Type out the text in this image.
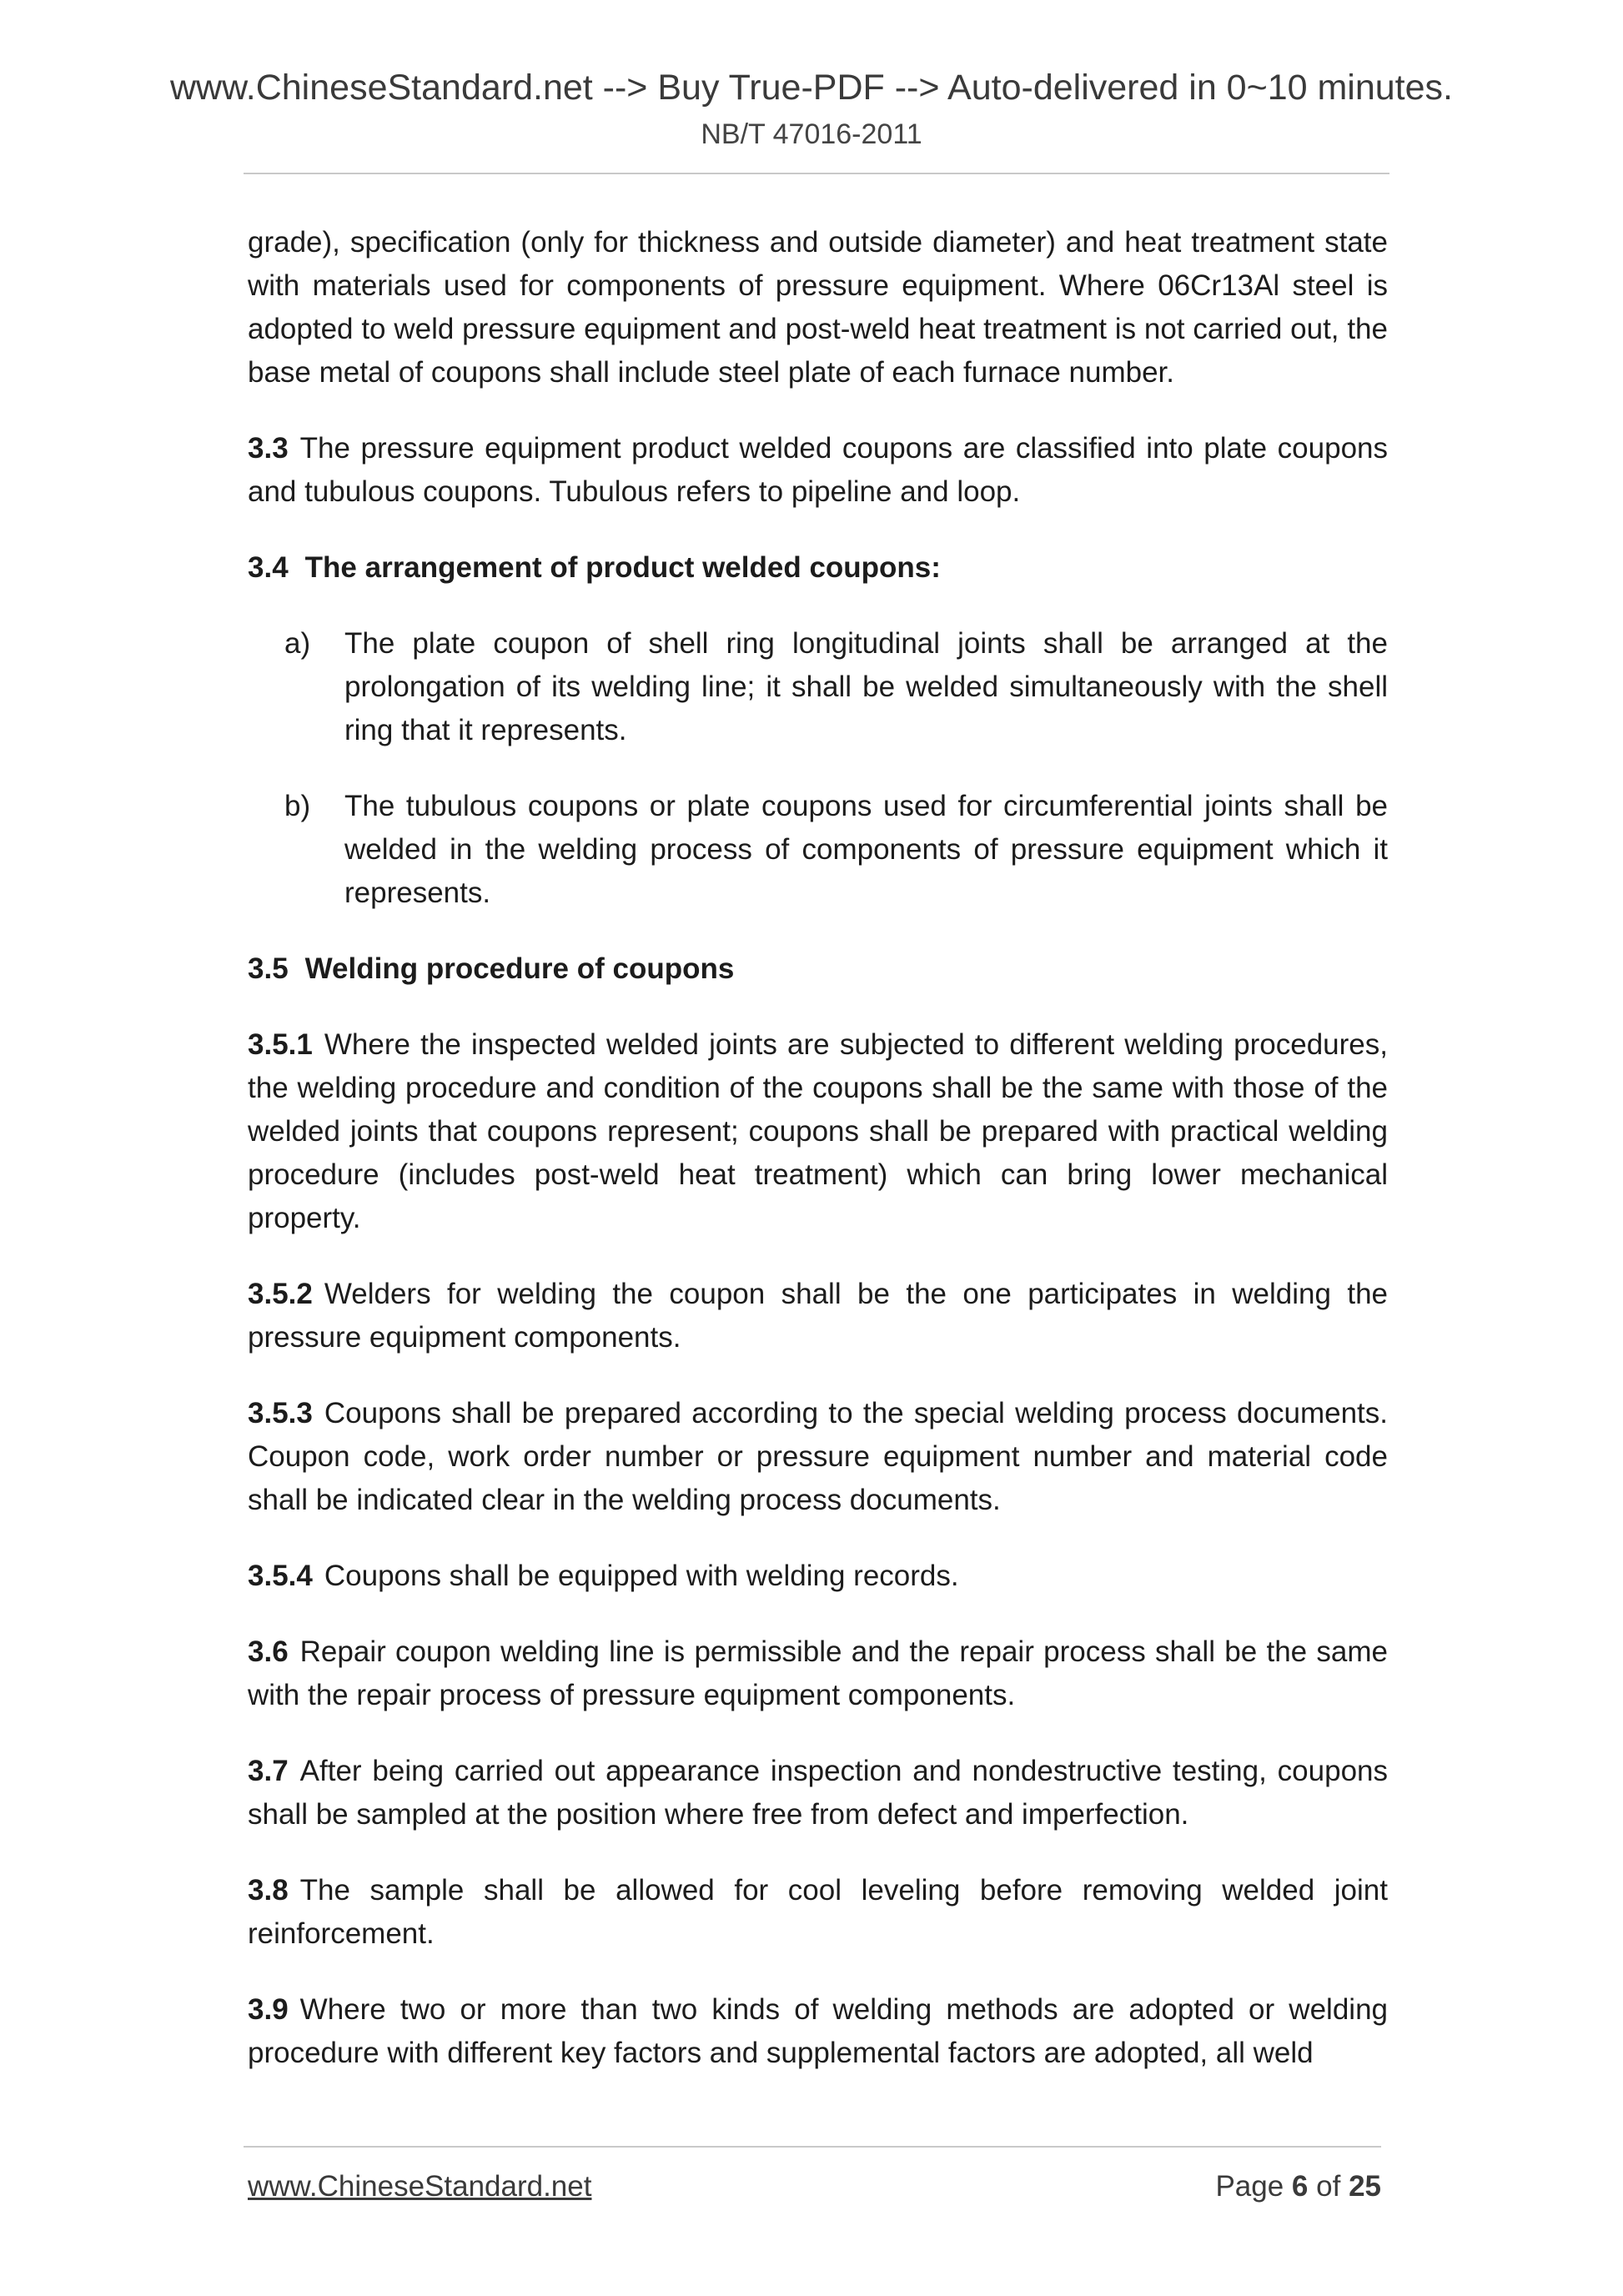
www.ChineseStandard.net --> Buy True-PDF --> Auto-delivered in 0~10 minutes.
NB/T 47016-2011

grade), specification (only for thickness and outside diameter) and heat treatment state with materials used for components of pressure equipment. Where 06Cr13Al steel is adopted to weld pressure equipment and post-weld heat treatment is not carried out, the base metal of coupons shall include steel plate of each furnace number.

3.3 The pressure equipment product welded coupons are classified into plate coupons and tubulous coupons. Tubulous refers to pipeline and loop.

3.4 The arrangement of product welded coupons:

a) The plate coupon of shell ring longitudinal joints shall be arranged at the prolongation of its welding line; it shall be welded simultaneously with the shell ring that it represents.
b) The tubulous coupons or plate coupons used for circumferential joints shall be welded in the welding process of components of pressure equipment which it represents.

3.5 Welding procedure of coupons

3.5.1 Where the inspected welded joints are subjected to different welding procedures, the welding procedure and condition of the coupons shall be the same with those of the welded joints that coupons represent; coupons shall be prepared with practical welding procedure (includes post-weld heat treatment) which can bring lower mechanical property.

3.5.2 Welders for welding the coupon shall be the one participates in welding the pressure equipment components.

3.5.3 Coupons shall be prepared according to the special welding process documents. Coupon code, work order number or pressure equipment number and material code shall be indicated clear in the welding process documents.

3.5.4 Coupons shall be equipped with welding records.

3.6 Repair coupon welding line is permissible and the repair process shall be the same with the repair process of pressure equipment components.

3.7 After being carried out appearance inspection and nondestructive testing, coupons shall be sampled at the position where free from defect and imperfection.

3.8 The sample shall be allowed for cool leveling before removing welded joint reinforcement.

3.9 Where two or more than two kinds of welding methods are adopted or welding procedure with different key factors and supplemental factors are adopted, all weld

www.ChineseStandard.net	Page 6 of 25
